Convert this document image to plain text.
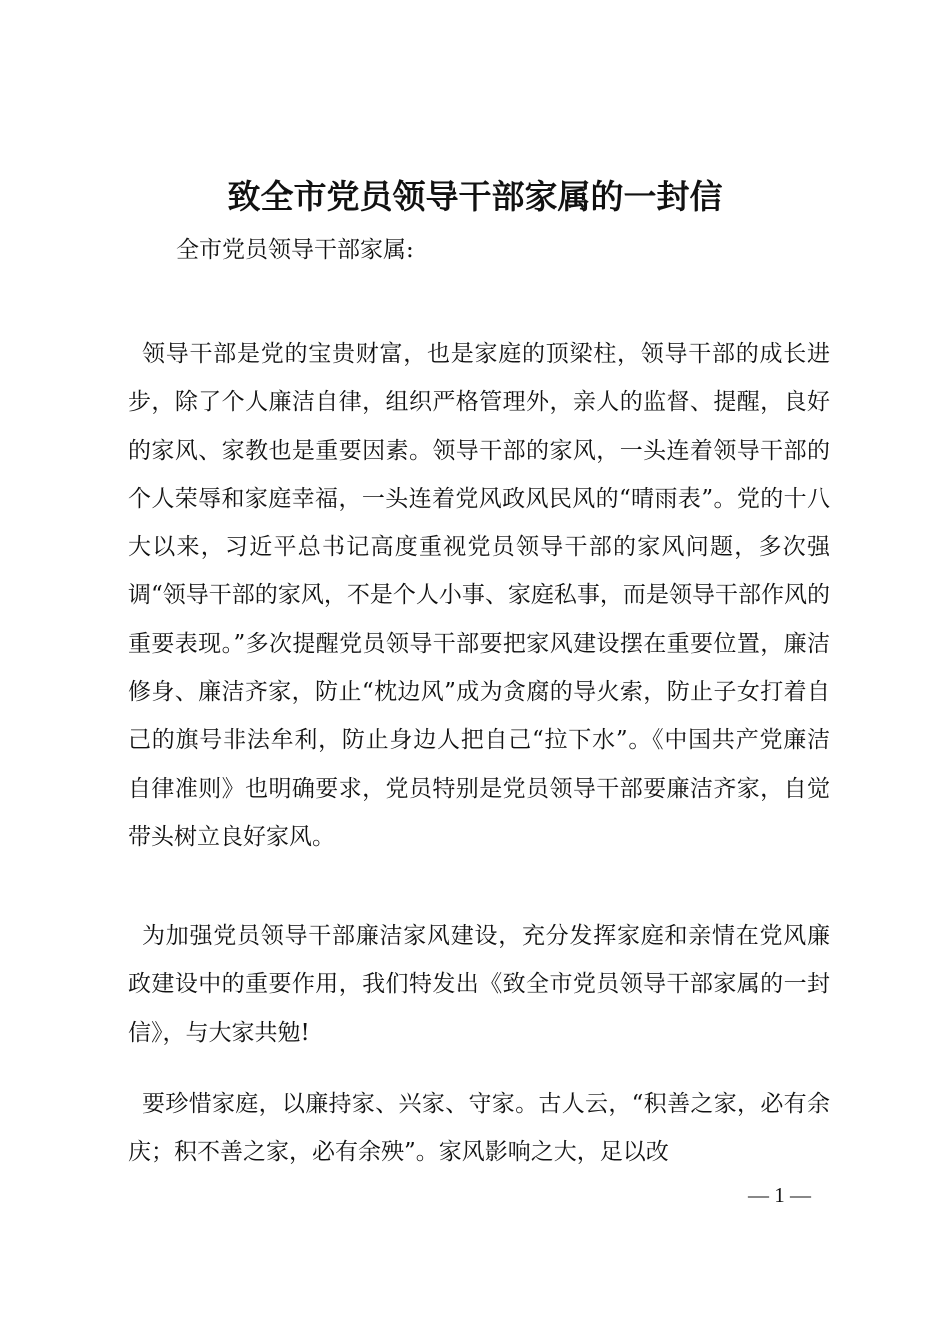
致全市党员领导干部家属的一封信

全市党员领导干部家属:

领导干部是党的宝贵财富，也是家庭的顶梁柱，领导干部的成长进步，除了个人廉洁自律，组织严格管理外，亲人的监督、提醒，良好的家风、家教也是重要因素。领导干部的家风，一头连着领导干部的个人荣辱和家庭幸福，一头连着党风政风民风的“晴雨表”。党的十八大以来，习近平总书记高度重视党员领导干部的家风问题，多次强调“领导干部的家风，不是个人小事、家庭私事，而是领导干部作风的重要表现。”多次提醒党员领导干部要把家风建设摆在重要位置，廉洁修身、廉洁齐家，防止“枕边风”成为贪腐的导火索，防止子女打着自己的旗号非法牟利，防止身边人把自己“拉下水”。《中国共产党廉洁自律准则》也明确要求，党员特别是党员领导干部要廉洁齐家，自觉带头树立良好家风。

为加强党员领导干部廉洁家风建设，充分发挥家庭和亲情在党风廉政建设中的重要作用，我们特发出《致全市党员领导干部家属的一封信》，与大家共勉!

要珍惜家庭，以廉持家、兴家、守家。古人云，“积善之家，必有余庆；积不善之家，必有余殃”。家风影响之大，足以改

— 1 —
